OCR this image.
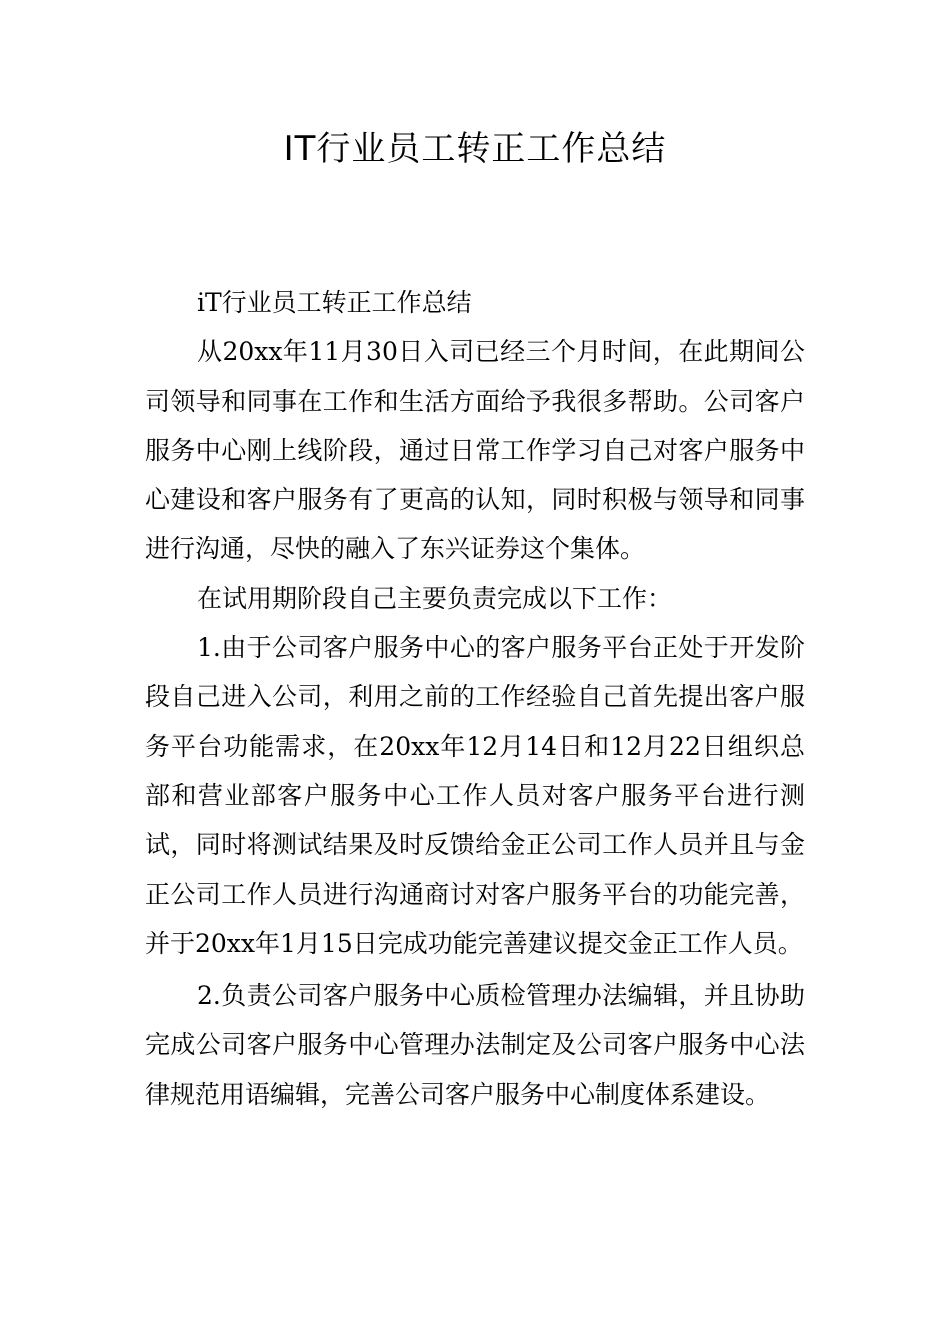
IT行业员工转正工作总结

iT行业员工转正工作总结

从20xx年11月30日入司已经三个月时间，在此期间公司领导和同事在工作和生活方面给予我很多帮助。公司客户服务中心刚上线阶段，通过日常工作学习自己对客户服务中心建设和客户服务有了更高的认知，同时积极与领导和同事进行沟通，尽快的融入了东兴证券这个集体。

在试用期阶段自己主要负责完成以下工作：

1.由于公司客户服务中心的客户服务平台正处于开发阶段自己进入公司，利用之前的工作经验自己首先提出客户服务平台功能需求，在20xx年12月14日和12月22日组织总部和营业部客户服务中心工作人员对客户服务平台进行测试，同时将测试结果及时反馈给金正公司工作人员并且与金正公司工作人员进行沟通商讨对客户服务平台的功能完善，并于20xx年1月15日完成功能完善建议提交金正工作人员。

2.负责公司客户服务中心质检管理办法编辑，并且协助完成公司客户服务中心管理办法制定及公司客户服务中心法律规范用语编辑，完善公司客户服务中心制度体系建设。
